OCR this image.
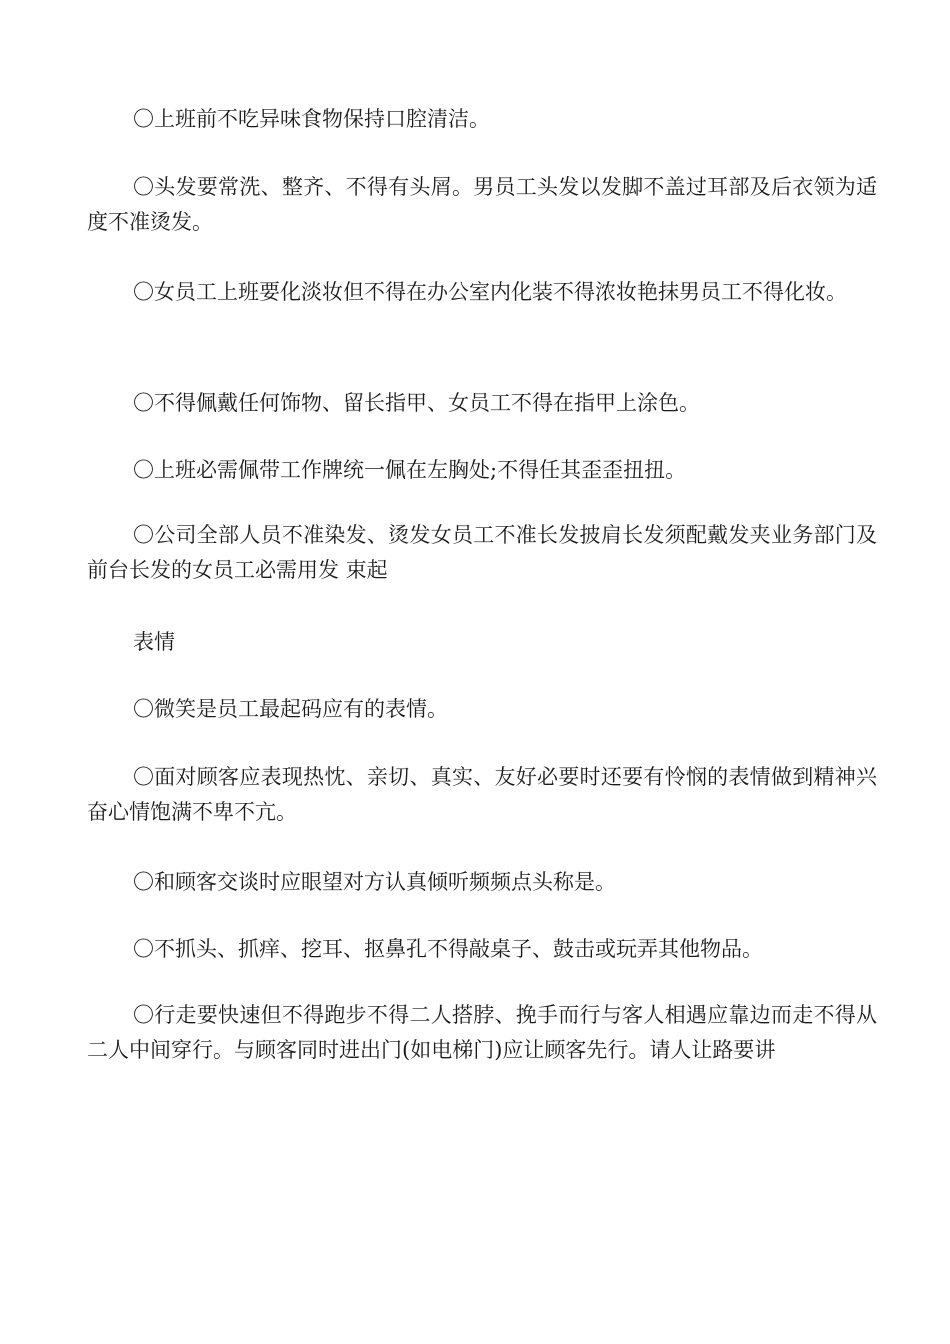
〇上班前不吃异味食物保持口腔清洁。

〇头发要常洗、整齐、不得有头屑。男员工头发以发脚不盖过耳部及后衣领为适度不准烫发。

〇女员工上班要化淡妆但不得在办公室内化装不得浓妆艳抹男员工不得化妆。

〇不得佩戴任何饰物、留长指甲、女员工不得在指甲上涂色。

〇上班必需佩带工作牌统一佩在左胸处;不得任其歪歪扭扭。

〇公司全部人员不准染发、烫发女员工不准长发披肩长发须配戴发夹业务部门及前台长发的女员工必需用发 束起

表情

〇微笑是员工最起码应有的表情。

〇面对顾客应表现热忱、亲切、真实、友好必要时还要有怜悯的表情做到精神兴奋心情饱满不卑不亢。

〇和顾客交谈时应眼望对方认真倾听频频点头称是。

〇不抓头、抓痒、挖耳、抠鼻孔不得敲桌子、鼓击或玩弄其他物品。

〇行走要快速但不得跑步不得二人搭脖、挽手而行与客人相遇应靠边而走不得从二人中间穿行。与顾客同时进出门(如电梯门)应让顾客先行。请人让路要讲
